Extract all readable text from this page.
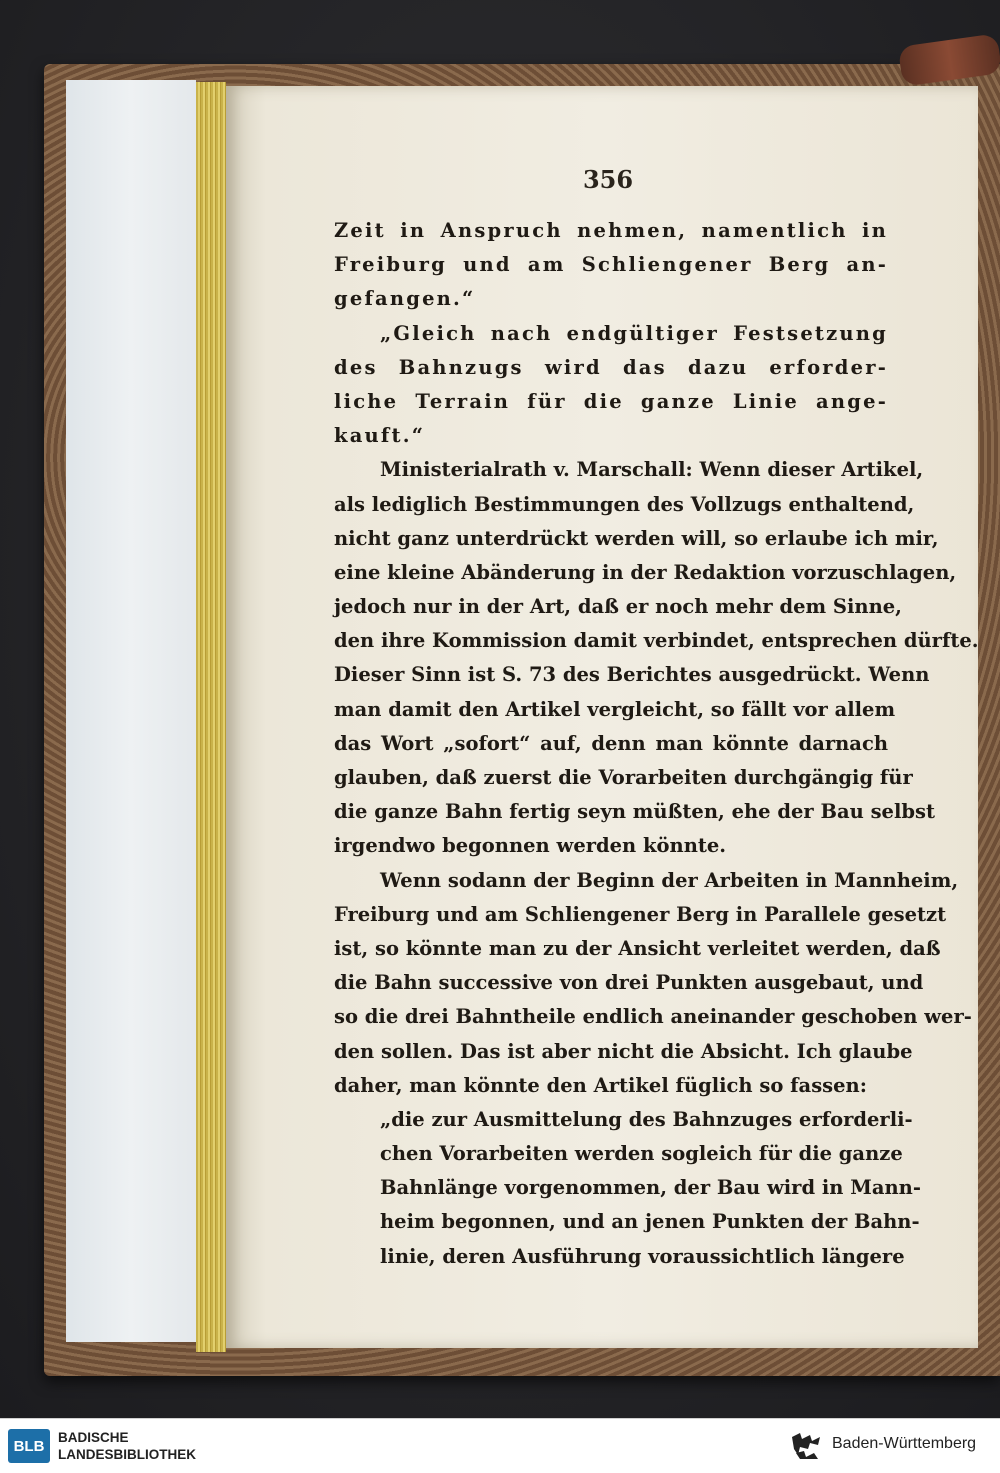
356
Zeit in Anspruch nehmen, namentlich in
Freiburg und am Schliengener Berg an-
gefangen.“
„Gleich nach endgültiger Festsetzung
des Bahnzugs wird das dazu erforder-
liche Terrain für die ganze Linie ange-
kauft.“
Ministerialrath v. Marschall: Wenn dieser Artikel,
als lediglich Bestimmungen des Vollzugs enthaltend,
nicht ganz unterdrückt werden will, so erlaube ich mir,
eine kleine Abänderung in der Redaktion vorzuschlagen,
jedoch nur in der Art, daß er noch mehr dem Sinne,
den ihre Kommission damit verbindet, entsprechen dürfte.
Dieser Sinn ist S. 73 des Berichtes ausgedrückt. Wenn
man damit den Artikel vergleicht, so fällt vor allem
das Wort „sofort“ auf, denn man könnte darnach
glauben, daß zuerst die Vorarbeiten durchgängig für
die ganze Bahn fertig seyn müßten, ehe der Bau selbst
irgendwo begonnen werden könnte.
Wenn sodann der Beginn der Arbeiten in Mannheim,
Freiburg und am Schliengener Berg in Parallele gesetzt
ist, so könnte man zu der Ansicht verleitet werden, daß
die Bahn successive von drei Punkten ausgebaut, und
so die drei Bahntheile endlich aneinander geschoben wer-
den sollen. Das ist aber nicht die Absicht. Ich glaube
daher, man könnte den Artikel füglich so fassen:
„die zur Ausmittelung des Bahnzuges erforderli-
chen Vorarbeiten werden sogleich für die ganze
Bahnlänge vorgenommen, der Bau wird in Mann-
heim begonnen, und an jenen Punkten der Bahn-
linie, deren Ausführung voraussichtlich längere
BLB	BADISCHE
LANDESBIBLIOTHEK
Baden-Württemberg
